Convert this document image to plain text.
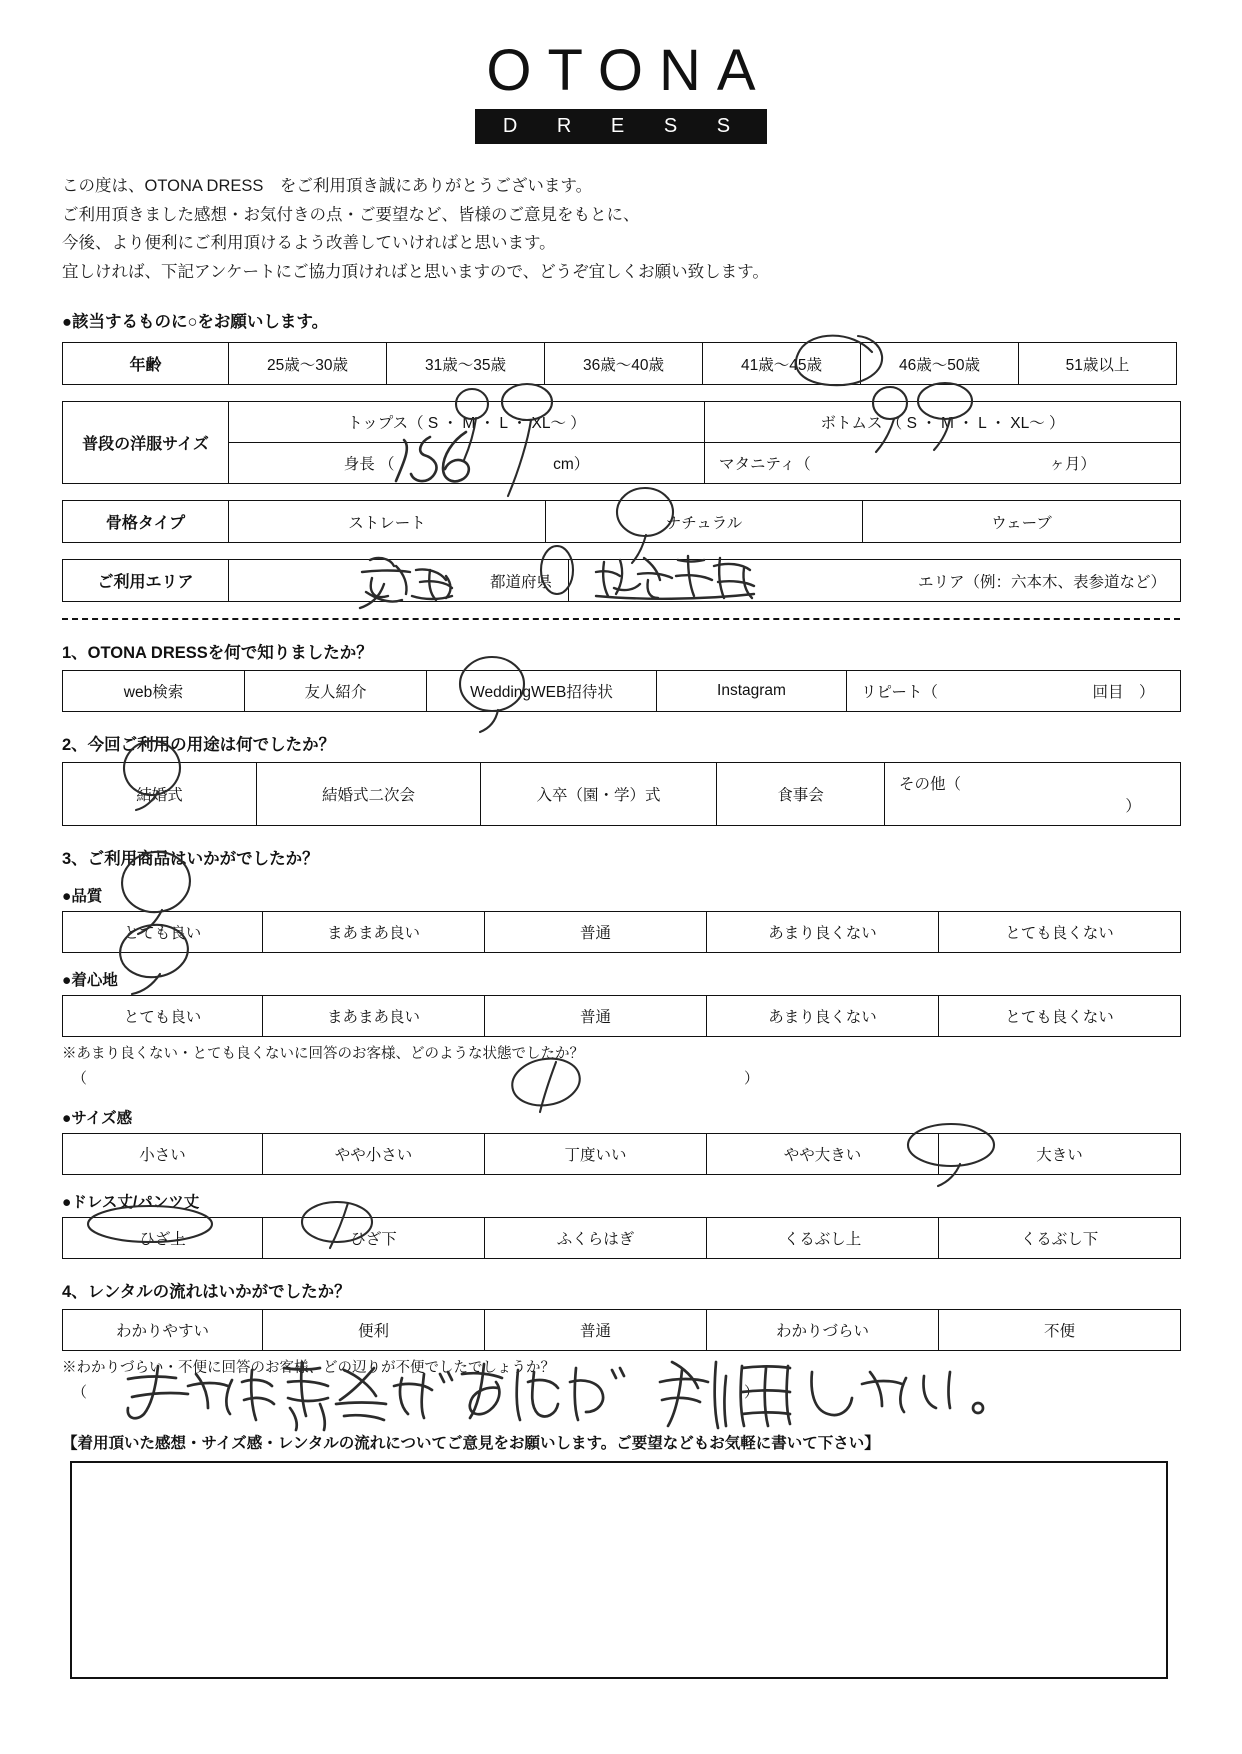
OTONA
D R E S S
この度は、OTONA DRESS　をご利用頂き誠にありがとうございます。
ご利用頂きました感想・お気付きの点・ご要望など、皆様のご意見をもとに、
今後、より便利にご利用頂けるよう改善していければと思います。
宜しければ、下記アンケートにご協力頂ければと思いますので、どうぞ宜しくお願い致します。
●該当するものに○をお願いします。
年齢	25歳～30歳	31歳～35歳	36歳～40歳	41歳～45歳	46歳～50歳	51歳以上
普段の洋服サイズ	トップス（ S ・ M ・ L ・ XL～ ）	ボトムス （ S ・ M ・ L ・ XL～ ）
	身長 （ cm）	マタニティ（ ヶ月）
骨格タイプ	ストレート	ナチュラル	ウェーブ
ご利用エリア	都道府県	エリア（例：六本木、表参道など）
1、OTONA DRESSを何で知りましたか？
web検索	友人紹介	WeddingWEB招待状	Instagram	リピート（	回目　）
2、今回ご利用の用途は何でしたか？
結婚式	結婚式二次会	入卒（園・学）式	食事会	その他（  ）
3、ご利用商品はいかがでしたか？
●品質
とても良い	まあまあ良い	普通	あまり良くない	とても良くない
●着心地
とても良い	まあまあ良い	普通	あまり良くない	とても良くない
※あまり良くない・とても良くないに回答のお客様、どのような状態でしたか？
（	）
●サイズ感
小さい	やや小さい	丁度いい	やや大きい	大きい
●ドレス丈/パンツ丈
ひざ上	ひざ下	ふくらはぎ	くるぶし上	くるぶし下
4、レンタルの流れはいかがでしたか？
わかりやすい	便利	普通	わかりづらい	不便
※わかりづらい・不便に回答のお客様、どの辺りが不便でしたでしょうか？
（	）
【着用頂いた感想・サイズ感・レンタルの流れについてご意見をお願いします。ご要望などもお気軽に書いて下さい】
